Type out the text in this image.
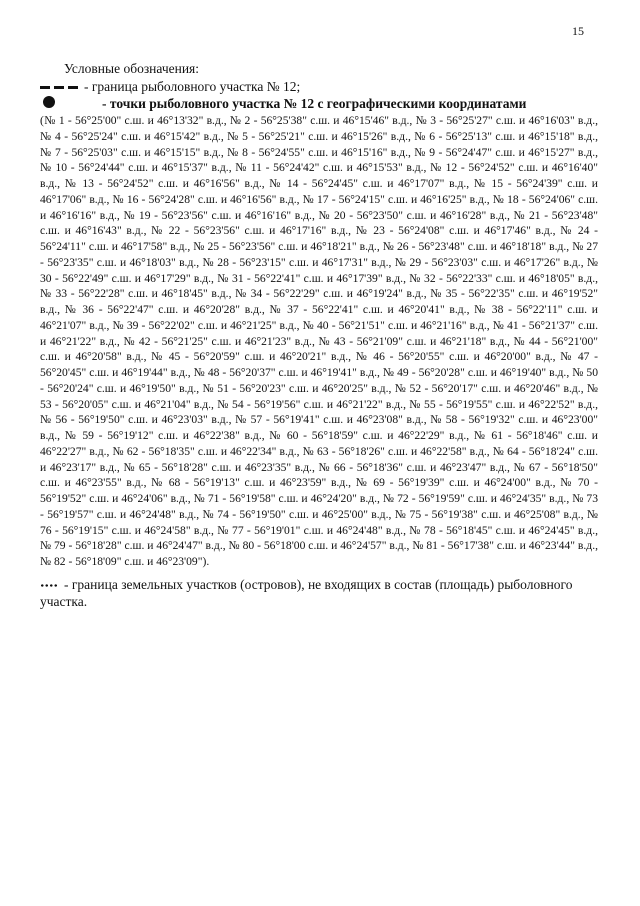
15
Условные обозначения:
- граница рыболовного участка № 12;
- точки рыболовного участка № 12 с географическими координатами
(№ 1 - 56°25'00" с.ш. и 46°13'32" в.д., № 2 - 56°25'38" с.ш. и 46°15'46" в.д., № 3 - 56°25'27" с.ш. и 46°16'03" в.д., № 4 - 56°25'24" с.ш. и 46°15'42" в.д., № 5 - 56°25'21" с.ш. и 46°15'26" в.д., № 6 - 56°25'13" с.ш. и 46°15'18" в.д., № 7 - 56°25'03" с.ш. и 46°15'15" в.д., № 8 - 56°24'55" с.ш. и 46°15'16" в.д., № 9 - 56°24'47" с.ш. и 46°15'27" в.д., № 10 - 56°24'44" с.ш. и 46°15'37" в.д., № 11 - 56°24'42" с.ш. и 46°15'53" в.д., № 12 - 56°24'52" с.ш. и 46°16'40" в.д., № 13 - 56°24'52" с.ш. и 46°16'56" в.д., № 14 - 56°24'45" с.ш. и 46°17'07" в.д., № 15 - 56°24'39" с.ш. и 46°17'06" в.д., № 16 - 56°24'28" с.ш. и 46°16'56" в.д., № 17 - 56°24'15" с.ш. и 46°16'25" в.д., № 18 - 56°24'06" с.ш. и 46°16'16" в.д., № 19 - 56°23'56" с.ш. и 46°16'16" в.д., № 20 - 56°23'50" с.ш. и 46°16'28" в.д., № 21 - 56°23'48" с.ш. и 46°16'43" в.д., № 22 - 56°23'56" с.ш. и 46°17'16" в.д., № 23 - 56°24'08" с.ш. и 46°17'46" в.д., № 24 - 56°24'11" с.ш. и 46°17'58" в.д., № 25 - 56°23'56" с.ш. и 46°18'21" в.д., № 26 - 56°23'48" с.ш. и 46°18'18" в.д., № 27 - 56°23'35" с.ш. и 46°18'03" в.д., № 28 - 56°23'15" с.ш. и 46°17'31" в.д., № 29 - 56°23'03" с.ш. и 46°17'26" в.д., № 30 - 56°22'49" с.ш. и 46°17'29" в.д., № 31 - 56°22'41" с.ш. и 46°17'39" в.д., № 32 - 56°22'33" с.ш. и 46°18'05" в.д., № 33 - 56°22'28" с.ш. и 46°18'45" в.д., № 34 - 56°22'29" с.ш. и 46°19'24" в.д., № 35 - 56°22'35" с.ш. и 46°19'52" в.д., № 36 - 56°22'47" с.ш. и 46°20'28" в.д., № 37 - 56°22'41" с.ш. и 46°20'41" в.д., № 38 - 56°22'11" с.ш. и 46°21'07" в.д., № 39 - 56°22'02" с.ш. и 46°21'25" в.д., № 40 - 56°21'51" с.ш. и 46°21'16" в.д., № 41 - 56°21'37" с.ш. и 46°21'22" в.д., № 42 - 56°21'25" с.ш. и 46°21'23" в.д., № 43 - 56°21'09" с.ш. и 46°21'18" в.д., № 44 - 56°21'00" с.ш. и 46°20'58" в.д., № 45 - 56°20'59" с.ш. и 46°20'21" в.д., № 46 - 56°20'55" с.ш. и 46°20'00" в.д., № 47 - 56°20'45" с.ш. и 46°19'44" в.д., № 48 - 56°20'37" с.ш. и 46°19'41" в.д., № 49 - 56°20'28" с.ш. и 46°19'40" в.д., № 50 - 56°20'24" с.ш. и 46°19'50" в.д., № 51 - 56°20'23" с.ш. и 46°20'25" в.д., № 52 - 56°20'17" с.ш. и 46°20'46" в.д., № 53 - 56°20'05" с.ш. и 46°21'04" в.д., № 54 - 56°19'56" с.ш. и 46°21'22" в.д., № 55 - 56°19'55" с.ш. и 46°22'52" в.д., № 56 - 56°19'50" с.ш. и 46°23'03" в.д., № 57 - 56°19'41" с.ш. и 46°23'08" в.д., № 58 - 56°19'32" с.ш. и 46°23'00" в.д., № 59 - 56°19'12" с.ш. и 46°22'38" в.д., № 60 - 56°18'59" с.ш. и 46°22'29" в.д., № 61 - 56°18'46" с.ш. и 46°22'27" в.д., № 62 - 56°18'35" с.ш. и 46°22'34" в.д., № 63 - 56°18'26" с.ш. и 46°22'58" в.д., № 64 - 56°18'24" с.ш. и 46°23'17" в.д., № 65 - 56°18'28" с.ш. и 46°23'35" в.д., № 66 - 56°18'36" с.ш. и 46°23'47" в.д., № 67 - 56°18'50" с.ш. и 46°23'55" в.д., № 68 - 56°19'13" с.ш. и 46°23'59" в.д., № 69 - 56°19'39" с.ш. и 46°24'00" в.д., № 70 - 56°19'52" с.ш. и 46°24'06" в.д., № 71 - 56°19'58" с.ш. и 46°24'20" в.д., № 72 - 56°19'59" с.ш. и 46°24'35" в.д., № 73 - 56°19'57" с.ш. и 46°24'48" в.д., № 74 - 56°19'50" с.ш. и 46°25'00" в.д., № 75 - 56°19'38" с.ш. и 46°25'08" в.д., № 76 - 56°19'15" с.ш. и 46°24'58" в.д., № 77 - 56°19'01" с.ш. и 46°24'48" в.д., № 78 - 56°18'45" с.ш. и 46°24'45" в.д., № 79 - 56°18'28" с.ш. и 46°24'47" в.д., № 80 - 56°18'00 с.ш. и 46°24'57" в.д., № 81 - 56°17'38" с.ш. и 46°23'44" в.д., № 82 - 56°18'09" с.ш. и 46°23'09").
- граница земельных участков (островов), не входящих в состав (площадь) рыболовного участка.
